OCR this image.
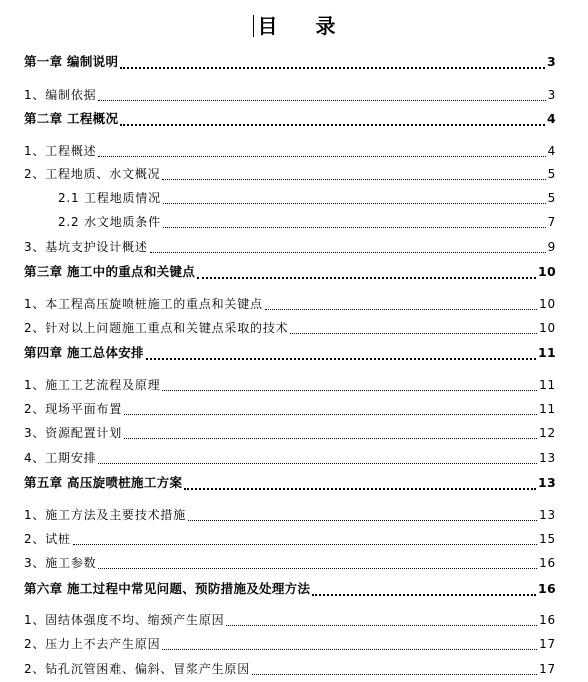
目 录
第一章 编制说明	3
1、编制依据	3
第二章 工程概况	4
1、工程概述	4
2、工程地质、水文概况	5
2.1 工程地质情况	5
2.2 水文地质条件	7
3、基坑支护设计概述	9
第三章 施工中的重点和关键点	10
1、本工程高压旋喷桩施工的重点和关键点	10
2、针对以上问题施工重点和关键点采取的技术	10
第四章 施工总体安排	11
1、施工工艺流程及原理	11
2、现场平面布置	11
3、资源配置计划	12
4、工期安排	13
第五章 高压旋喷桩施工方案	13
1、施工方法及主要技术措施	13
2、试桩	15
3、施工参数	16
第六章 施工过程中常见问题、预防措施及处理方法	16
1、固结体强度不均、缩颈产生原因	16
2、压力上不去产生原因	17
2、钻孔沉管困难、偏斜、冒浆产生原因	17
